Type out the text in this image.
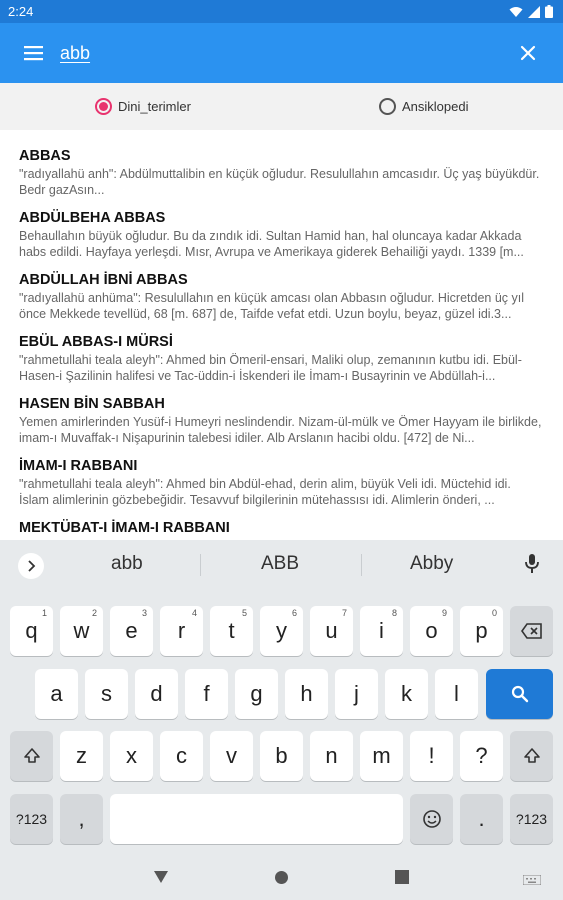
2:24
abb
Dini_terimler	Ansiklopedi
ABBAS
"radıyallahü anh": Abdülmuttalibin en küçük oğludur. Resulullahın amcasıdır. Üç yaş büyükdür. Bedr gazAsın...
ABDÜLBEHA ABBAS
Behaullahın büyük oğludur. Bu da zındık idi. Sultan Hamid han, hal oluncaya kadar Akkada habs edildi. Hayfaya yerleşdi. Mısr, Avrupa ve Amerikaya giderek Behailiği yaydı. 1339 [m...
ABDÜLLAH İBNİ ABBAS
"radıyallahü anhüma": Resulullahın en küçük amcası olan Abbasın oğludur. Hicretden üç yıl önce Mekkede tevellüd, 68 [m. 687] de, Taifde vefat etdi. Uzun boylu, beyaz, güzel idi.3...
EBÜL ABBAS-I MÜRSİ
"rahmetullahi teala aleyh": Ahmed bin Ömeril-ensari, Maliki olup, zemanının kutbu idi. Ebül-Hasen-i Şazilinin halifesi ve Tac-üddin-i İskenderi ile İmam-ı Busayrinin ve Abdüllah-i...
HASEN BİN SABBAH
Yemen amirlerinden Yusüf-i Humeyri neslindendir. Nizam-ül-mülk ve Ömer Hayyam ile birlikde, imam-ı Muvaffak-ı Nişapurinin talebesi idiler. Alb Arslanın hacibi oldu. [472] de Ni...
İMAM-I RABBANI
"rahmetullahi teala aleyh": Ahmed bin Abdül-ehad, derin alim, büyük Veli idi. Müctehid idi. İslam alimlerinin gözbebeğidir. Tesavvuf bilgilerinin mütehassısı idi. Alimlerin önderi, ...
MEKTÜBAT-I İMAM-I RABBANI
abb	ABB	Abby
1
q
2
w
3
e
4
r
5
t
6
y
7
u
8
i
9
o
0
p
a	s	d	f	g	h	j	k	l
z	x	c	v	b	n	m	!	?
?123	,	.	?123
